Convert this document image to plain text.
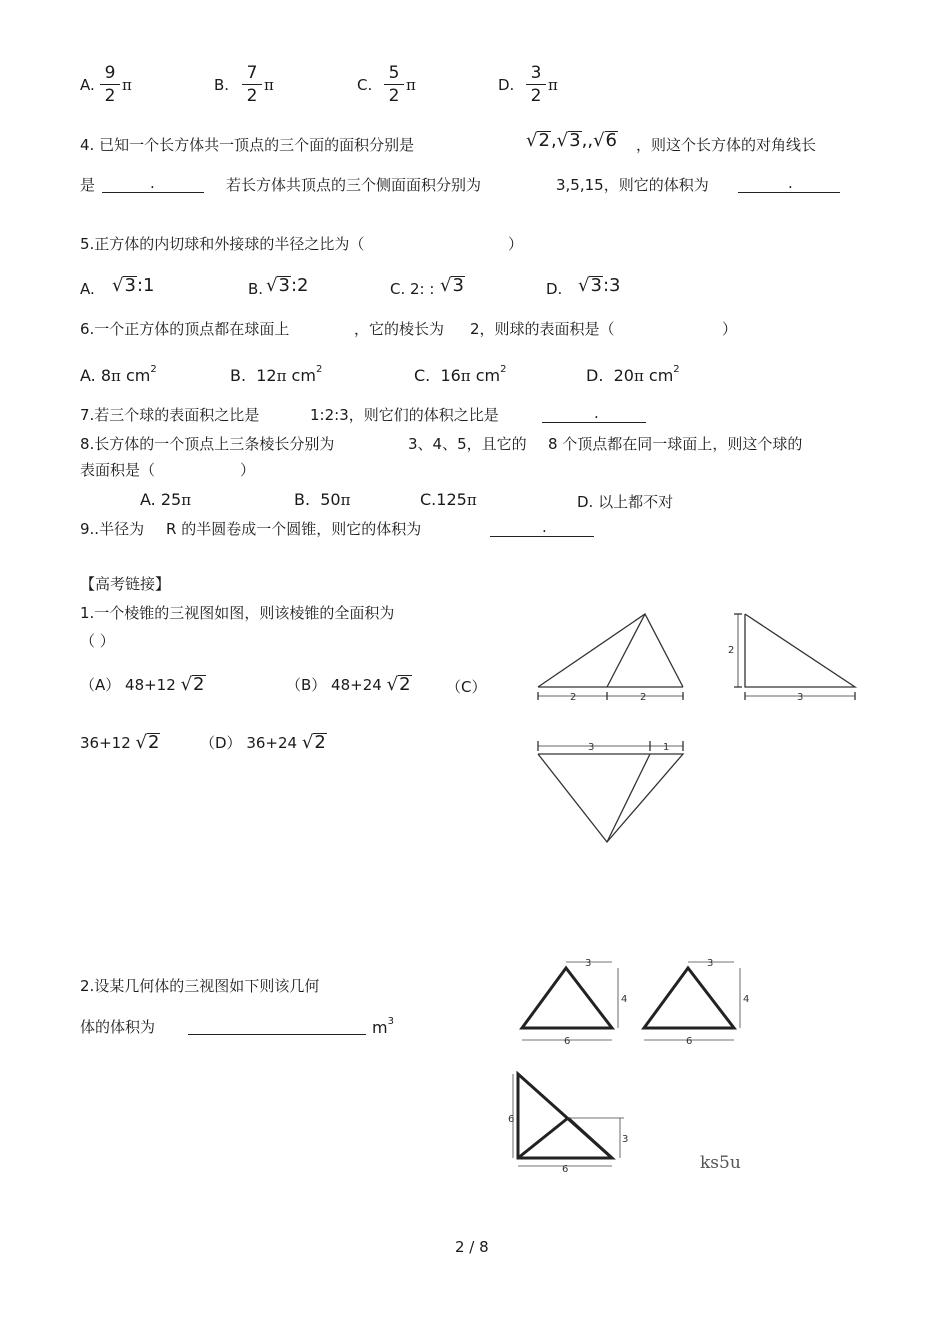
A.
9
2
π	B.
7
2
π	C.
5
2
π	D.
3
2
π
4. 已知一个长方体共一顶点的三个面的面积分别是	√2,√3,,√6 ，则这个长方体的对角线长
是	.	若长方体共顶点的三个侧面面积分别为	3,5,15，则它的体积为	.
5.正方体的内切球和外接球的半径之比为（	）
A. √3:1	B. √3:2	C. 2: : √3	D. √3:3
6.一个正方体的顶点都在球面上	，它的棱长为 2，则球的表面积是（	）
A. 8π $cm^2$	B. 12π $cm^2$	C. 16π $cm^2$	D. 20π $cm^2$
7.若三个球的表面积之比是	1:2:3，则它们的体积之比是	.
8.长方体的一个顶点上三条棱长分别为	3、4、5，且它的 8 个顶点都在同一球面上，则这个球的
表面积是（	）
A. 25π	B. 50π	C.125π	D. 以上都不对
9..半径为 R 的半圆卷成一个圆锥，则它的体积为	.
【高考链接】
1.一个棱锥的三视图如图，则该棱锥的全面积为
（ ）
（A） 48+12 √2	（B） 48+24 √2 （C）
36+12 √2	（D） 36+24 √2
2	2
2
3
3	1
2.设某几何体的三视图如下则该几何
体的体积为	$m^3$
3
4
6
3
4
6
6
3
6	ks5u
2 / 8
